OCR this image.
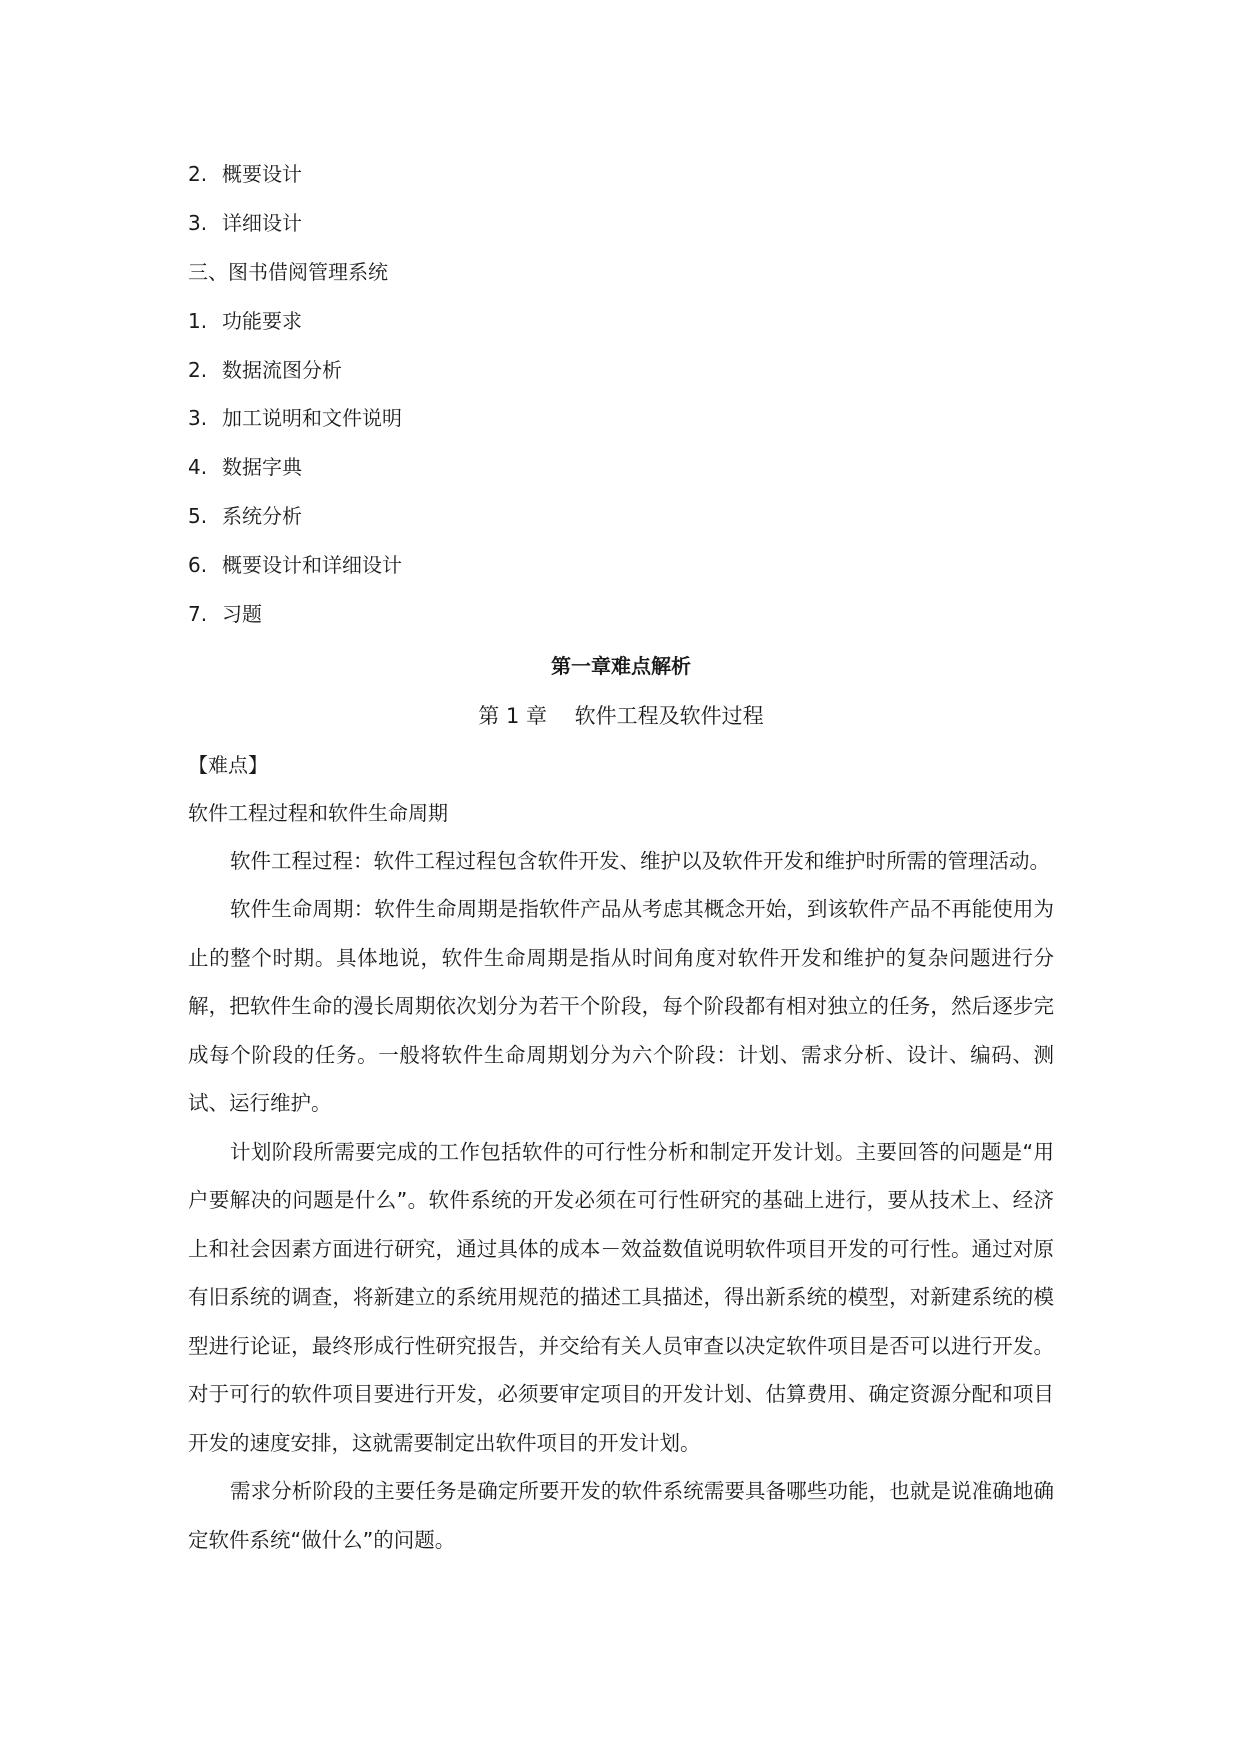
2. 概要设计
3. 详细设计
三、图书借阅管理系统
1. 功能要求
2. 数据流图分析
3. 加工说明和文件说明
4. 数据字典
5. 系统分析
6. 概要设计和详细设计
7. 习题
第一章难点解析
第 1 章　 软件工程及软件过程
【难点】
软件工程过程和软件生命周期

软件工程过程：软件工程过程包含软件开发、维护以及软件开发和维护时所需的管理活动。

软件生命周期：软件生命周期是指软件产品从考虑其概念开始，到该软件产品不再能使用为止的整个时期。具体地说，软件生命周期是指从时间角度对软件开发和维护的复杂问题进行分解，把软件生命的漫长周期依次划分为若干个阶段，每个阶段都有相对独立的任务，然后逐步完成每个阶段的任务。一般将软件生命周期划分为六个阶段：计划、需求分析、设计、编码、测试、运行维护。

计划阶段所需要完成的工作包括软件的可行性分析和制定开发计划。主要回答的问题是“用户要解决的问题是什么”。软件系统的开发必须在可行性研究的基础上进行，要从技术上、经济上和社会因素方面进行研究，通过具体的成本－效益数值说明软件项目开发的可行性。通过对原有旧系统的调查，将新建立的系统用规范的描述工具描述，得出新系统的模型，对新建系统的模型进行论证，最终形成行性研究报告，并交给有关人员审查以决定软件项目是否可以进行开发。对于可行的软件项目要进行开发，必须要审定项目的开发计划、估算费用、确定资源分配和项目开发的速度安排，这就需要制定出软件项目的开发计划。

需求分析阶段的主要任务是确定所要开发的软件系统需要具备哪些功能，也就是说准确地确定软件系统“做什么”的问题。
